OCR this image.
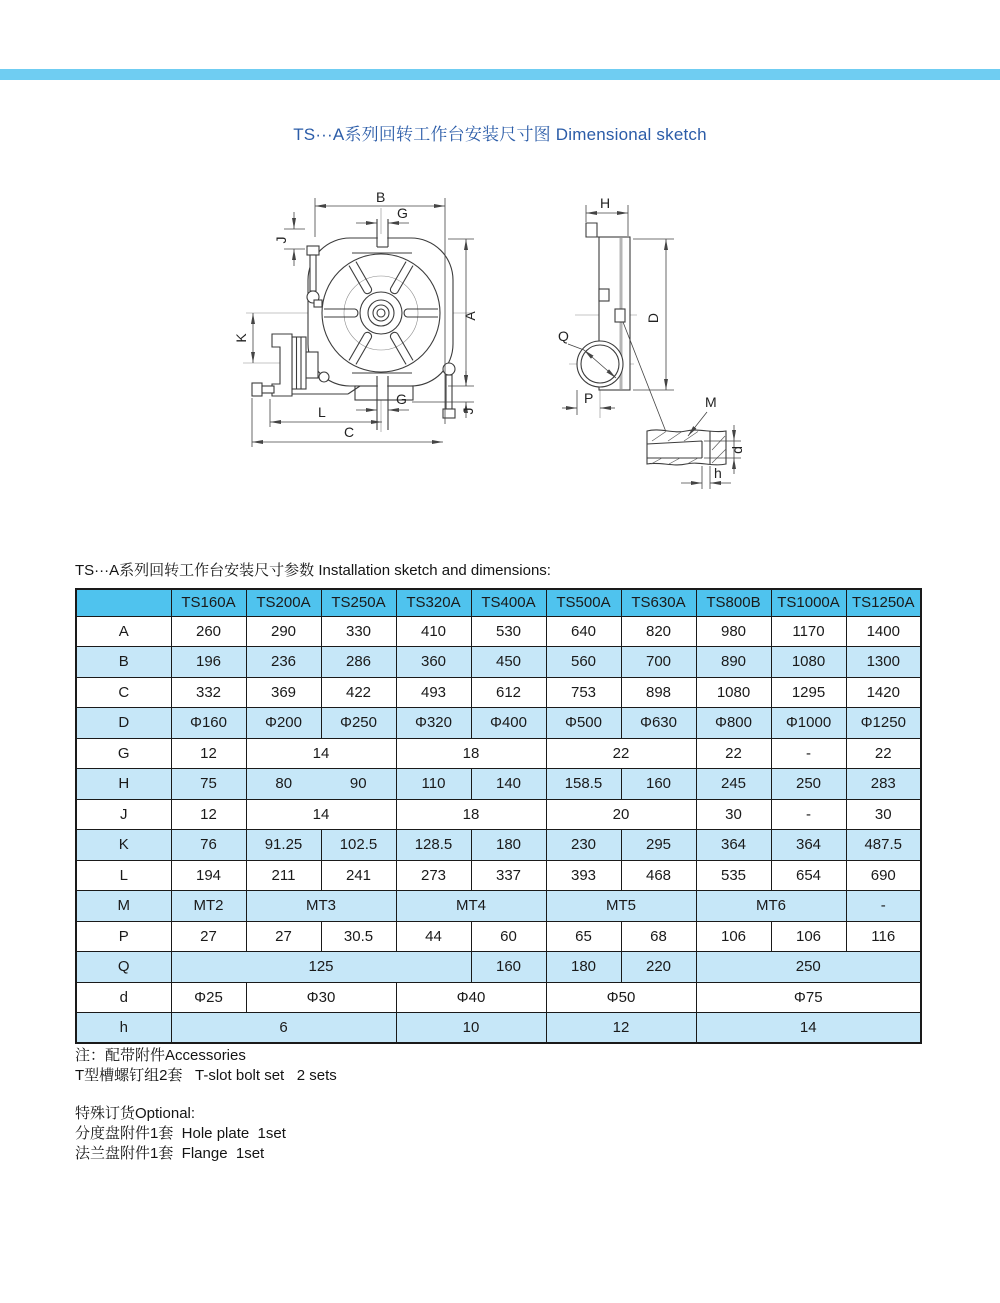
TS···A系列回转工作台安装尺寸图 Dimensional sketch
B
G
J
A
K
G
L
C
J
H
D
Q
P	M
d
h
TS···A系列回转工作台安装尺寸参数 Installation sketch and dimensions:
	TS160A	TS200A	TS250A	TS320A	TS400A	TS500A	TS630A	TS800B	TS1000A	TS1250A
A	260	290	330	410	530	640	820	980	1170	1400
B	196	236	286	360	450	560	700	890	1080	1300
C	332	369	422	493	612	753	898	1080	1295	1420
D	Φ160	Φ200	Φ250	Φ320	Φ400	Φ500	Φ630	Φ800	Φ1000	Φ1250
G	12	14		18		22		22	-	22
H	75	80	90	110	140	158.5	160	245	250	283
J	12	14		18		20		30	-	30
K	76	91.25	102.5	128.5	180	230	295	364	364	487.5
L	194	211	241	273	337	393	468	535	654	690
M	MT2	MT3		MT4		MT5		MT6		-
P	27	27	30.5	44	60	65	68	106	106	116
Q	125				160	180	220	250		
d	Φ25	Φ30		Φ40		Φ50		Φ75		
h	6			10		12		14		
注：配带附件Accessories
T型槽螺钉组2套   T-slot bolt set   2 sets
特殊订货Optional:
分度盘附件1套  Hole plate  1set
法兰盘附件1套  Flange  1set
